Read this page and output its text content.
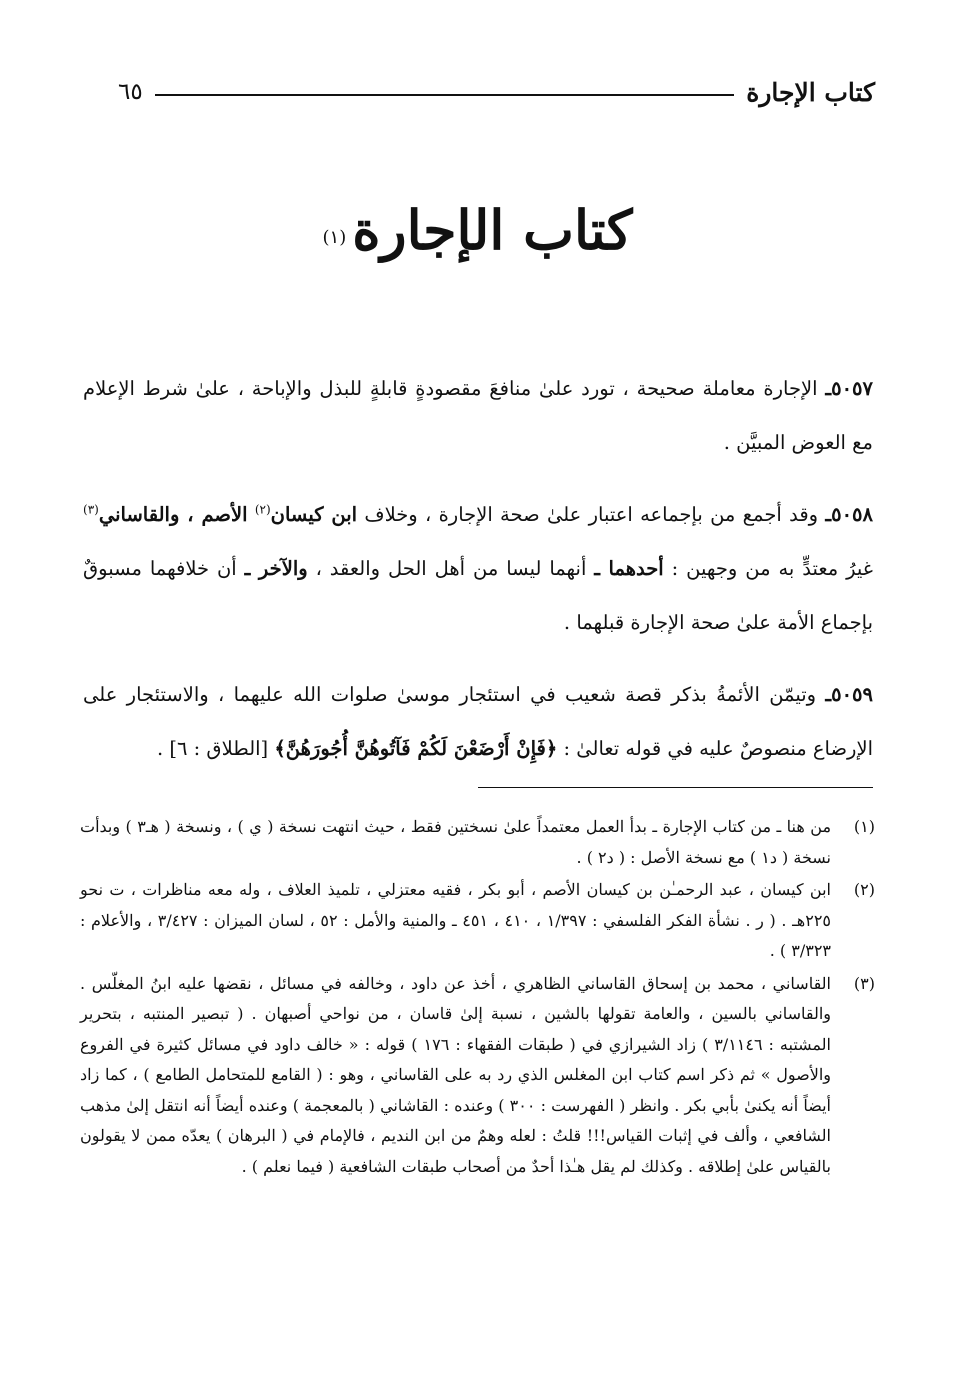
كتاب الإجارة
٦٥
كتاب الإجارة(١)

٥٠٥٧ـ الإجارة معاملة صحيحة ، تورد علىٰ منافعَ مقصودةٍ قابلةٍ للبذل والإباحة ، علىٰ شرط الإعلام مع العوض المبيَّن .

٥٠٥٨ـ وقد أجمع من بإجماعه اعتبار علىٰ صحة الإجارة ، وخلاف ابن كيسان$^{(٢)}$ الأصم ، والقاساني$^{(٣)}$ غيرُ معتدٍّ به من وجهين : أحدهما ـ أنهما ليسا من أهل الحل والعقد ، والآخر ـ أن خلافهما مسبوقٌ بإجماع الأمة علىٰ صحة الإجارة قبلهما .

٥٠٥٩ـ وتيمّن الأئمةُ بذكر قصة شعيب في استئجار موسىٰ صلوات الله عليهما ، والاستئجار على الإرضاع منصوصٌ عليه في قوله تعالىٰ : ﴿فَإِنْ أَرْضَعْنَ لَكُمْ فَآتُوهُنَّ أُجُورَهُنَّ﴾ [الطلاق : ٦] .

(١)
من هنا ـ من كتاب الإجارة ـ بدأ العمل معتمداً علىٰ نسختين فقط ، حيث انتهت نسخة ( ي ) ، ونسخة ( هـ٣ ) وبدأت نسخة ( د١ ) مع نسخة الأصل : ( د٢ ) .
(٢)
ابن كيسان ، عبد الرحمـٰن بن كيسان الأصم ، أبو بكر ، فقيه معتزلي ، تلميذ العلاف ، وله معه مناظرات ، ت نحو ٢٢٥هـ . ( ر . نشأة الفكر الفلسفي : ١/٣٩٧ ، ٤١٠ ، ٤٥١ ـ والمنية والأمل : ٥٢ ، لسان الميزان : ٣/٤٢٧ ، والأعلام : ٣/٣٢٣ ) .
(٣)
القاساني ، محمد بن إسحاق القاساني الظاهري ، أخذ عن داود ، وخالفه في مسائل ، نقضها عليه ابنُ المغلّس . والقاساني بالسين ، والعامة تقولها بالشين ، نسبة إلىٰ قاسان ، من نواحي أصبهان . ( تبصير المنتبه ، بتحرير المشتبه : ٣/١١٤٦ ) زاد الشيرازي في ( طبقات الفقهاء : ١٧٦ ) قوله : « خالف داود في مسائل كثيرة في الفروع والأصول » ثم ذكر اسم كتاب ابن المغلس الذي رد به على القاساني ، وهو : ( القامع للمتحامل الطامع ) ، كما زاد أيضاً أنه يكنىٰ بأبي بكر . وانظر ( الفهرست : ٣٠٠ ) وعنده : القاشاني ( بالمعجمة ) وعنده أيضاً أنه انتقل إلىٰ مذهب الشافعي ، وألف في إثبات القياس!!! قلتُ : لعله وهمٌ من ابن النديم ، فالإمام في ( البرهان ) يعدّه ممن لا يقولون بالقياس علىٰ إطلاقه . وكذلك لم يقل هـٰذا أحدٌ من أصحاب طبقات الشافعية ( فيما نعلم ) .
